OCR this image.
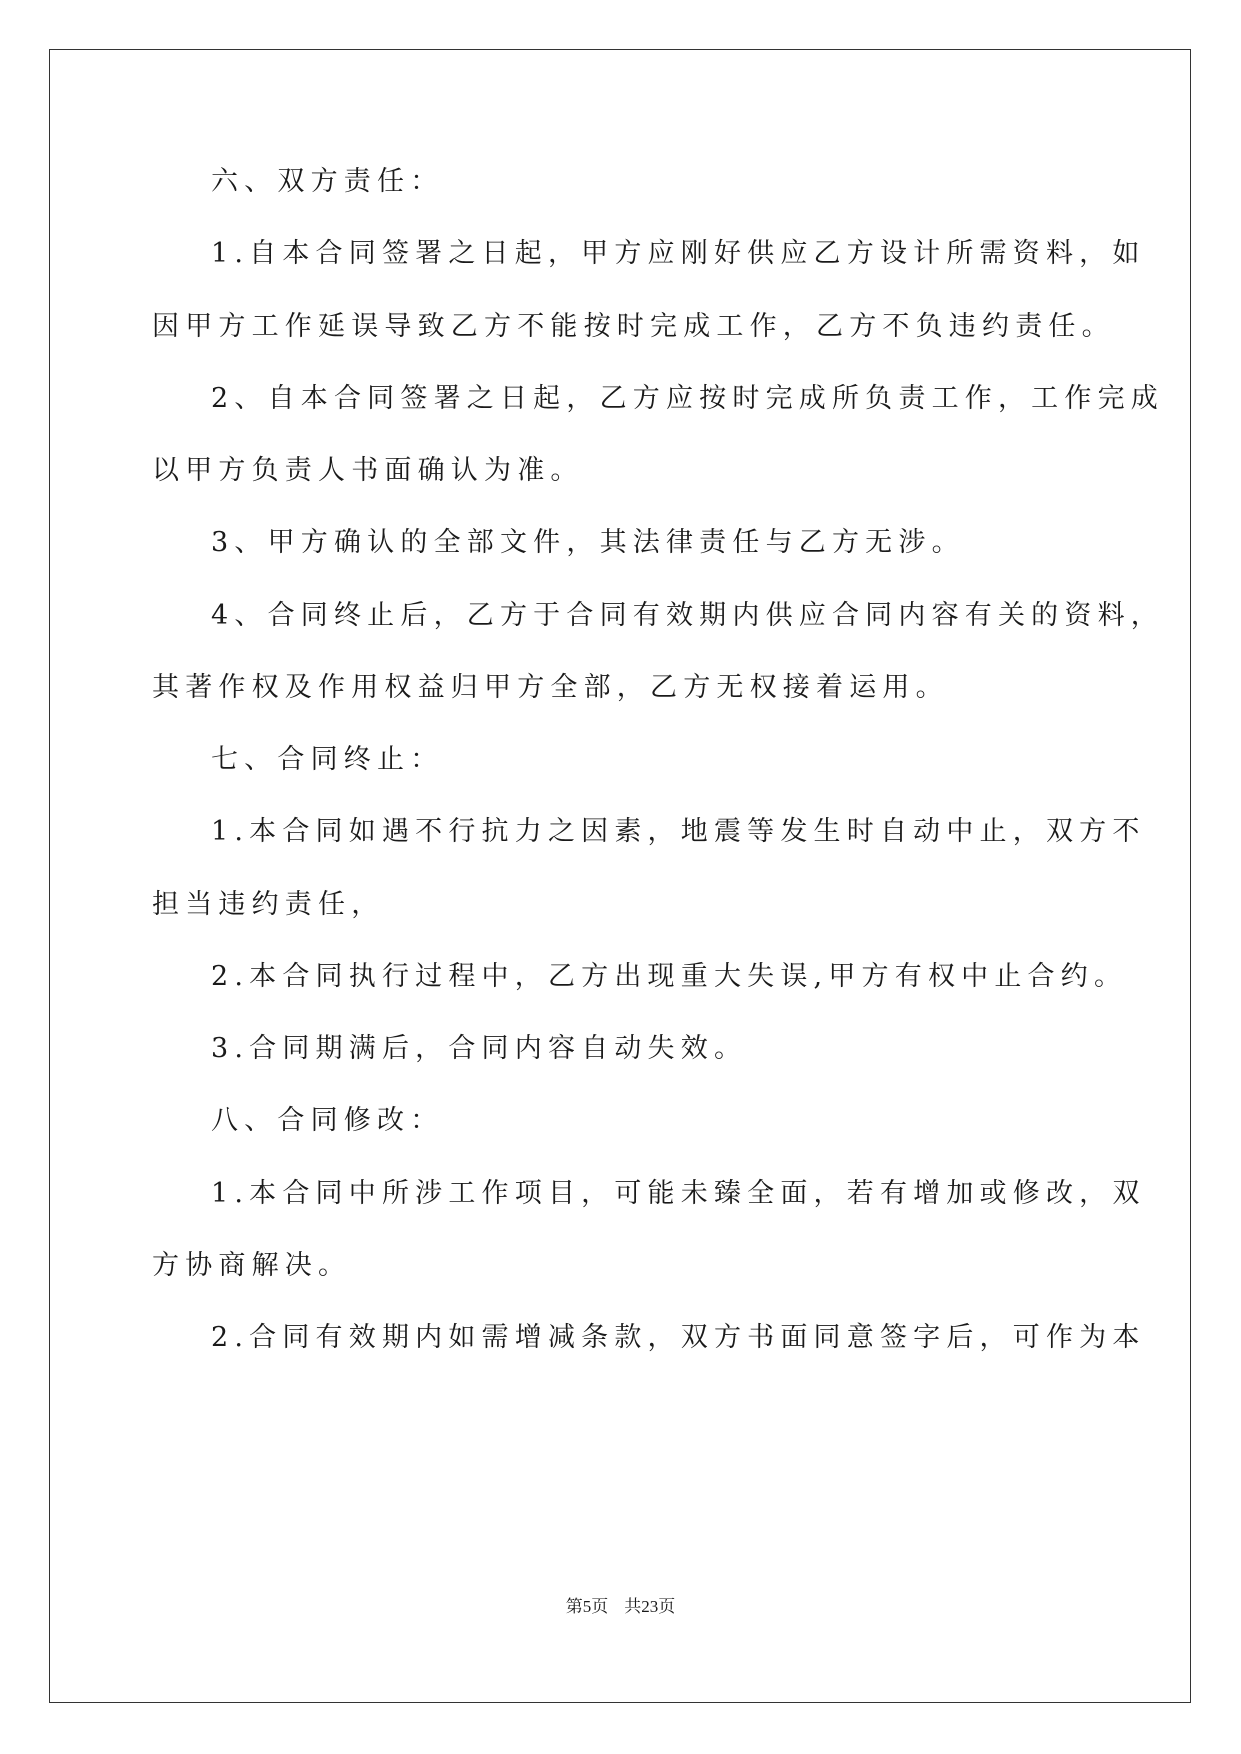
六、双方责任：
1.自本合同签署之日起，甲方应刚好供应乙方设计所需资料，如
因甲方工作延误导致乙方不能按时完成工作，乙方不负违约责任。
2、自本合同签署之日起，乙方应按时完成所负责工作，工作完成
以甲方负责人书面确认为准。
3、甲方确认的全部文件，其法律责任与乙方无涉。
4、合同终止后，乙方于合同有效期内供应合同内容有关的资料，
其著作权及作用权益归甲方全部，乙方无权接着运用。
七、合同终止：
1.本合同如遇不行抗力之因素，地震等发生时自动中止，双方不
担当违约责任，
2.本合同执行过程中，乙方出现重大失误,甲方有权中止合约。
3.合同期满后，合同内容自动失效。
八、合同修改：
1.本合同中所涉工作项目，可能未臻全面，若有增加或修改，双
方协商解决。
2.合同有效期内如需增减条款，双方书面同意签字后，可作为本
第5页 共23页
